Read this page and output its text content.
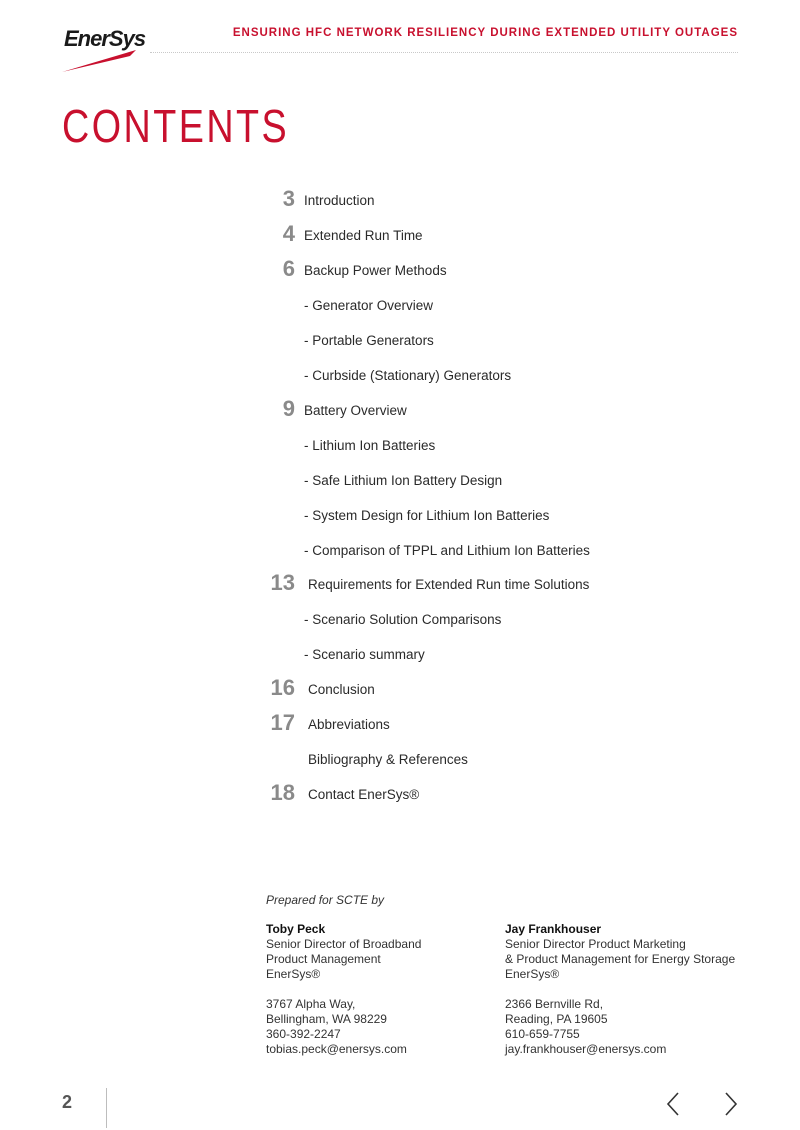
EnerSys	ENSURING HFC NETWORK RESILIENCY DURING EXTENDED UTILITY OUTAGES
CONTENTS
3 Introduction
4 Extended Run Time
6 Backup Power Methods
- Generator Overview
- Portable Generators
- Curbside (Stationary) Generators
9 Battery Overview
- Lithium Ion Batteries
- Safe Lithium Ion Battery Design
- System Design for Lithium Ion Batteries
- Comparison of TPPL and Lithium Ion Batteries
13 Requirements for Extended Run time Solutions
- Scenario Solution Comparisons
- Scenario summary
16 Conclusion
17 Abbreviations
Bibliography & References
18 Contact EnerSys®
Prepared for SCTE by
Toby Peck
Senior Director of Broadband
Product Management
EnerSys®
3767 Alpha Way,
Bellingham, WA 98229
360-392-2247
tobias.peck@enersys.com
Jay Frankhouser
Senior Director Product Marketing
& Product Management for Energy Storage
EnerSys®
2366 Bernville Rd,
Reading, PA 19605
610-659-7755
jay.frankhouser@enersys.com
2
